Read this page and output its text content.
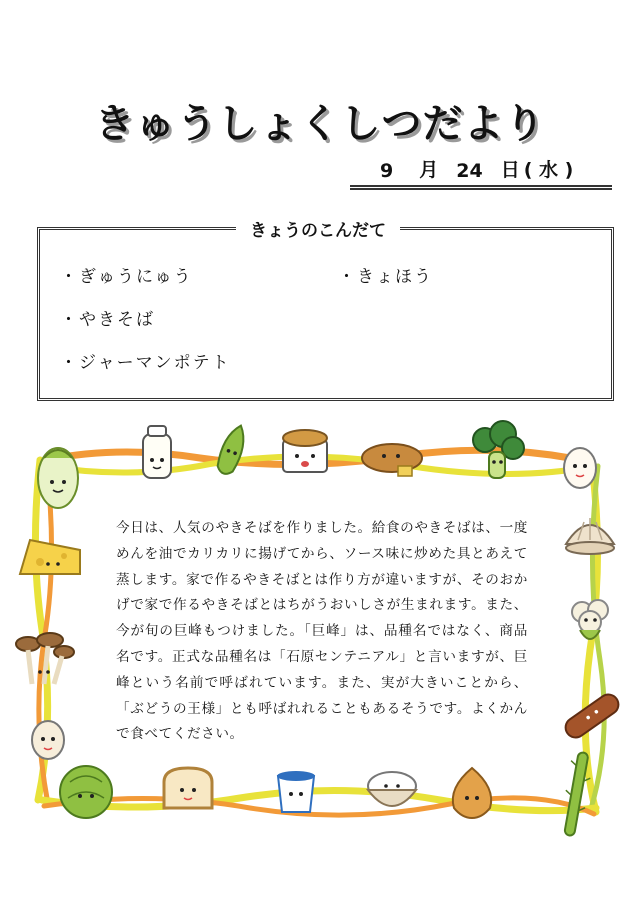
きゅうしょくしつだより
9 月 24 日 ( 水 )
きょうのこんだて
・ぎゅうにゅう
・やきそば
・ジャーマンポテト
・きょほう
今日は、人気のやきそばを作りました。給食のやきそばは、一度めんを油でカリカリに揚げてから、ソース味に炒めた具とあえて蒸します。家で作るやきそばとは作り方が違いますが、そのおかげで家で作るやきそばとはちがうおいしさが生まれます。また、今が旬の巨峰もつけました。「巨峰」は、品種名ではなく、商品名です。正式な品種名は「石原センテニアル」と言いますが、巨峰という名前で呼ばれています。また、実が大きいことから、「ぶどうの王様」とも呼ばれれることもあるそうです。よくかんで食べてください。
